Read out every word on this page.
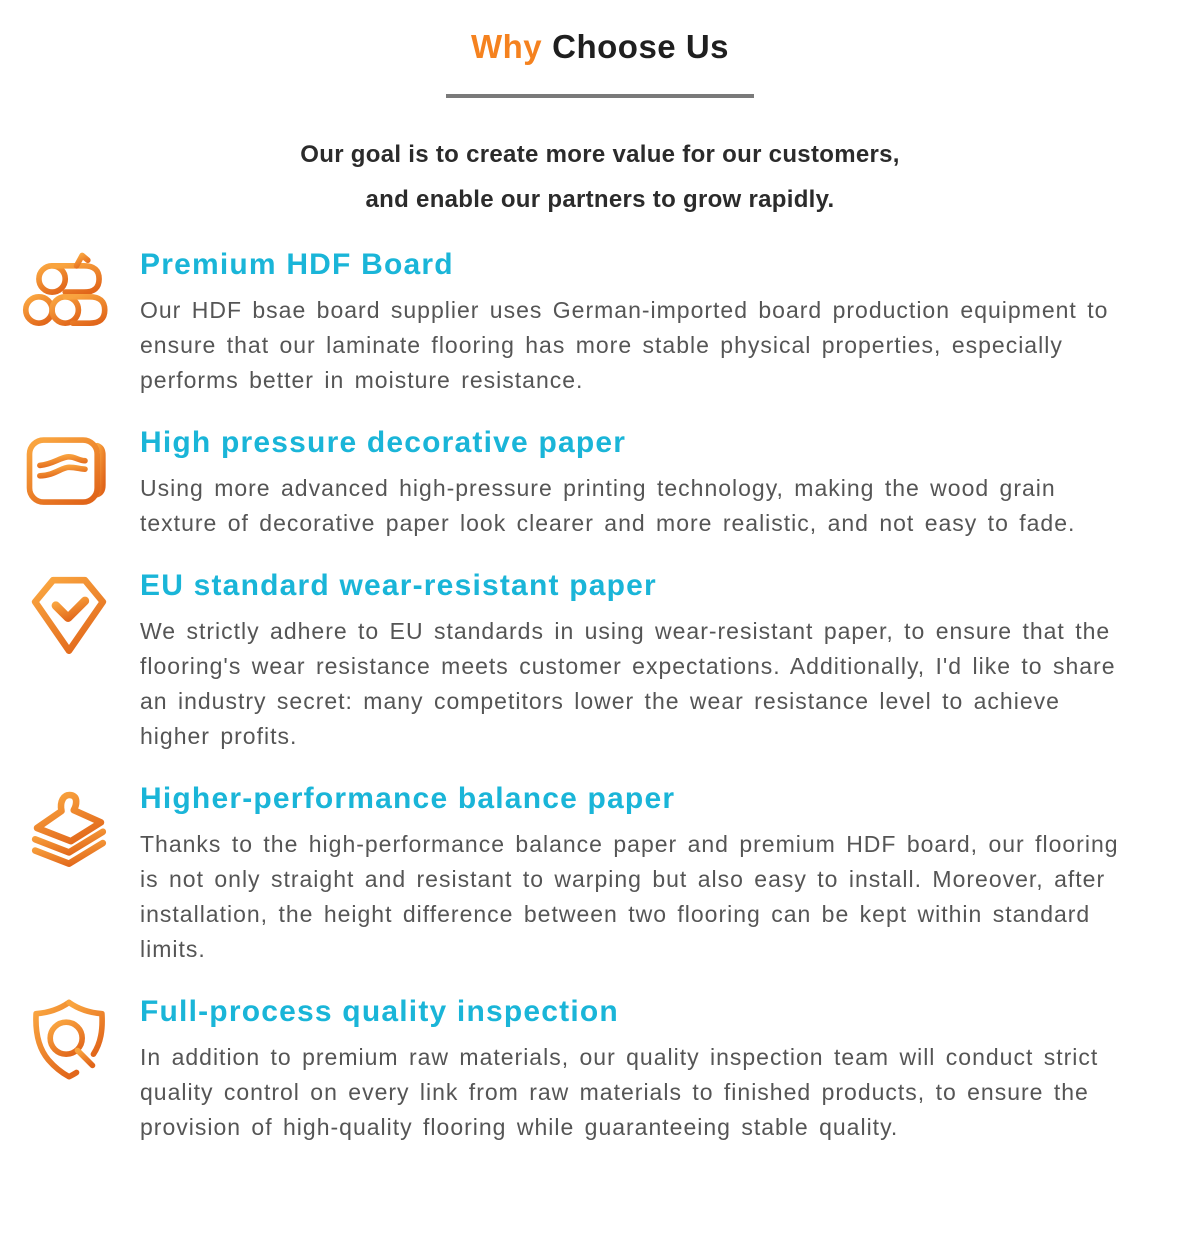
Why Choose Us
Our goal is to create more value for our customers,
and enable our partners to grow rapidly.
Premium HDF Board

Our HDF bsae board supplier uses German-imported board production equipment to ensure that our laminate flooring has more stable physical properties, especially performs better in moisture resistance.

High pressure decorative paper

Using more advanced high-pressure printing technology, making the wood grain texture of decorative paper look clearer and more realistic, and not easy to fade.

EU standard wear-resistant paper

We strictly adhere to EU standards in using wear-resistant paper, to ensure that the flooring's wear resistance meets customer expectations. Additionally, I'd like to share an industry secret: many competitors lower the wear resistance level to achieve higher profits.

Higher-performance balance paper

Thanks to the high-performance balance paper and premium HDF board, our flooring is not only straight and resistant to warping but also easy to install. Moreover, after installation, the height difference between two flooring can be kept within standard limits.

Full-process quality inspection

In addition to premium raw materials, our quality inspection team will conduct strict quality control on every link from raw materials to finished products, to ensure the provision of high-quality flooring while guaranteeing stable quality.
